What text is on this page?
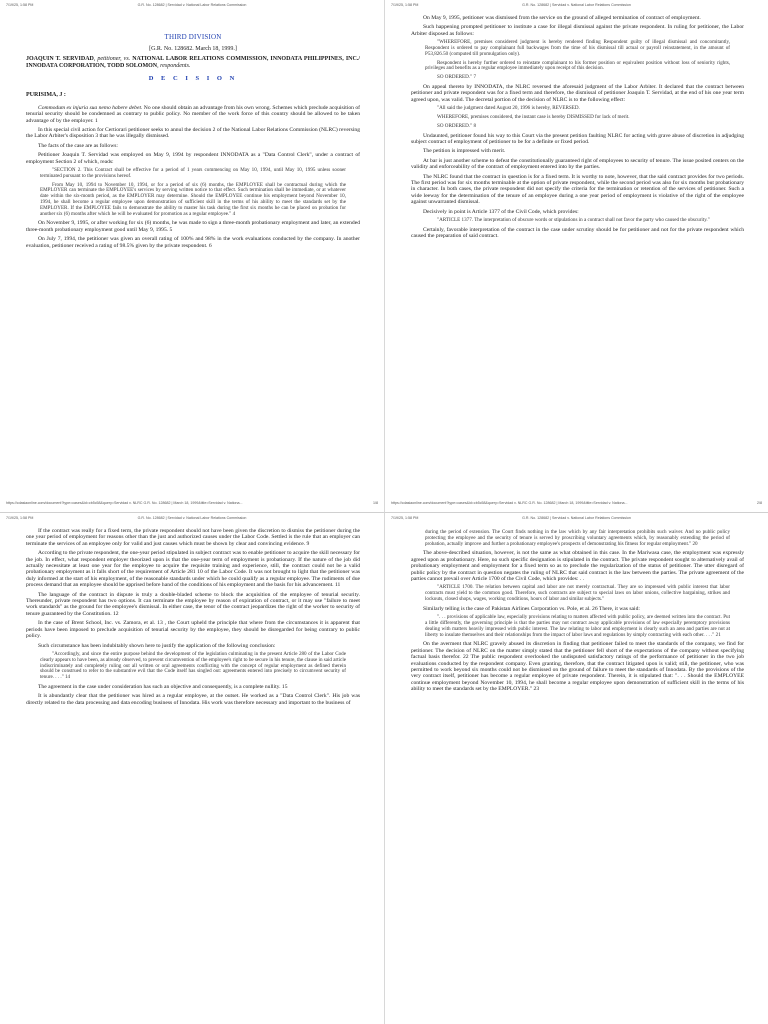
7/19/25, 1:58 PM	G.R. No. 128682 | Servidad v. National Labor Relations Commission
THIRD DIVISION
[G.R. No. 128682. March 18, 1999.]
JOAQUIN T. SERVIDAD, petitioner, vs. NATIONAL LABOR RELATIONS COMMISSION, INNODATA PHILIPPINES, INC./ INNODATA CORPORATION, TODD SOLOMON, respondents.
D E C I S I O N
PURISIMA, J :

Commodum ex injuria sua nemo habere debet. No one should obtain an advantage from his own wrong. Schemes which preclude acquisition of tenurial security should be condemned as contrary to public policy. No member of the work force of this country should be allowed to be taken advantage of by the employer. 1

In this special civil action for Certiorari petitioner seeks to annul the decision 2 of the National Labor Relations Commission (NLRC) reversing the Labor Arbiter's disposition 3 that he was illegally dismissed.

The facts of the case are as follows:

Petitioner Joaquin T. Servidad was employed on May 9, 1994 by respondent INNODATA as a "Data Control Clerk", under a contract of employment Section 2 of which, reads:

"SECTION 2. This Contract shall be effective for a period of 1 years commencing on May 10, 1994, until May 10, 1995 unless sooner terminated pursuant to the provisions hereof.

From May 10, 1994 to November 10, 1994, or for a period of six (6) months, the EMPLOYEE shall be contractual during which the EMPLOYER can terminate the EMPLOYEE's services by serving written notice to that effect. Such termination shall be immediate, or at whatever date within the six-month period, as the EMPLOYER may determine. Should the EMPLOYEE continue his employment beyond November 10, 1994, he shall become a regular employee upon demonstration of sufficient skill in the terms of his ability to meet the standards set by the EMPLOYER. If the EMPLOYEE fails to demonstrate the ability to master his task during the first six months he can be placed on probation for another six (6) months after which he will be evaluated for promotion as a regular employee." 4

On November 9, 1995, or after working for six (6) months, he was made to sign a three-month probationary employment and later, an extended three-month probationary employment good until May 9, 1995. 5

On July 7, 1994, the petitioner was given an overall rating of 100% and 98% in the work evaluations conducted by the company. In another evaluation, petitioner received a rating of 98.5% given by the private respondent. 6

https://cdasiaonline.com/document?type=cases&id=cb5c58&query=Servidad v. NLRC G.R. No. 128682 | March 18, 1999&title=Servidad v. Nationa...	1/8
7/19/25, 1:58 PM	G.R. No. 128682 | Servidad v. National Labor Relations Commission

On May 9, 1995, petitioner was dismissed from the service on the ground of alleged termination of contract of employment.

Such happening prompted petitioner to institute a case for illegal dismissal against the private respondent. In ruling for petitioner, the Labor Arbiter disposed as follows:

"WHEREFORE, premises considered judgment is hereby rendered finding Respondent guilty of illegal dismissal and concomitantly, Respondent is ordered to pay complainant full backwages from the time of his dismissal till actual or payroll reinstatement, in the amount of P53,826.50 (computed till promulgation only).

Respondent is hereby further ordered to reinstate complainant to his former position or equivalent position without loss of seniority rights, privileges and benefits as a regular employee immediately upon receipt of this decision.

SO ORDERED." 7

On appeal thereto by INNODATA, the NLRC reversed the aforesaid judgment of the Labor Arbiter. It declared that the contract between petitioner and private respondent was for a fixed term and therefore, the dismissal of petitioner Joaquin T. Servidad, at the end of his one year term agreed upon, was valid. The decretal portion of the decision of NLRC is to the following effect:

"All said the judgment dated August 20, 1996 is hereby, REVERSED.

WHEREFORE, premises considered, the instant case is hereby DISMISSED for lack of merit.

SO ORDERED." 8

Undaunted, petitioner found his way to this Court via the present petition faulting NLRC for acting with grave abuse of discretion in adjudging subject contract of employment of petitioner to be for a definite or fixed period.

The petition is impressed with merit.

At bar is just another scheme to defeat the constitutionally guaranteed right of employees to security of tenure. The issue posited centers on the validity and enforceability of the contract of employment entered into by the parties.

The NLRC found that the contract in question is for a fixed term. It is worthy to note, however, that the said contract provides for two periods. The first period was for six months terminable at the option of private respondent, while the second period was also for six months but probationary in character. In both cases, the private respondent did not specify the criteria for the termination or retention of the services of petitioner. Such a wide leeway for the determination of the tenure of an employee during a one year period of employment is violative of the right of the employee against unwarranted dismissal.

Decisively in point is Article 1377 of the Civil Code, which provides:

"ARTICLE 1377. The interpretation of obscure words or stipulations in a contract shall not favor the party who caused the obscurity."

Certainly, favorable interpretation of the contract in the case under scrutiny should be for petitioner and not for the private respondent which caused the preparation of said contract.

https://cdasiaonline.com/document?type=cases&id=cb5c58&query=Servidad v. NLRC G.R. No. 128682 | March 18, 1999&title=Servidad v. Nationa...	2/8
7/19/25, 1:58 PM	G.R. No. 128682 | Servidad v. National Labor Relations Commission

If the contract was really for a fixed term, the private respondent should not have been given the discretion to dismiss the petitioner during the one year period of employment for reasons other than the just and authorized causes under the Labor Code. Settled is the rule that an employer can terminate the services of an employee only for valid and just causes which must be shown by clear and convincing evidence. 9

According to the private respondent, the one-year period stipulated in subject contract was to enable petitioner to acquire the skill necessary for the job. In effect, what respondent employer theorized upon is that the one-year term of employment is probationary. If the nature of the job did actually necessitate at least one year for the employee to acquire the requisite training and experience, still, the contract could not be a valid probationary employment as it falls short of the requirement of Article 281 10 of the Labor Code. It was not brought to light that the petitioner was duly informed at the start of his employment, of the reasonable standards under which he could qualify as a regular employee. The rudiments of due process demand that an employee should be apprised before hand of the conditions of his employment and the basis for his advancement. 11

The language of the contract in dispute is truly a double-bladed scheme to block the acquisition of the employee of tenurial security. Thereunder, private respondent has two options. It can terminate the employee by reason of expiration of contract, or it may use "failure to meet work standards" as the ground for the employee's dismissal. In either case, the tenor of the contract jeopardizes the right of the worker to security of tenure guaranteed by the Constitution. 12

In the case of Brent School, Inc. vs. Zamora, et al. 13 , the Court upheld the principle that where from the circumstances it is apparent that periods have been imposed to preclude acquisition of tenurial security by the employee, they should be disregarded for being contrary to public policy.

Such circumstance has been indubitably shown here to justify the application of the following conclusion:

"Accordingly, and since the entire purpose behind the development of the legislation culminating in the present Article 280 of the Labor Code clearly appears to have been, as already observed, to prevent circumvention of the employee's right to be secure in his tenure, the clause in said article indiscriminately and completely ruling out all written or oral agreements conflicting with the concept of regular employment as defined therein should be construed to refer to the substantive evil that the Code itself has singled out: agreements entered into precisely to circumvent security of tenure. . . ." 14

The agreement in the case under consideration has such an objective and consequently, is a complete nullity. 15

It is abundantly clear that the petitioner was hired as a regular employee, at the outset. He worked as a "Data Control Clerk". His job was directly related to the data processing and data encoding business of Innodata. His work was therefore necessary and important to the business of

7/19/25, 1:58 PM	G.R. No. 128682 | Servidad v. National Labor Relations Commission

during the period of extension. The Court finds nothing in the law which by any fair interpretation prohibits such waiver. And no public policy protecting the employee and the security of tenure is served by proscribing voluntary agreements which, by reasonably extending the period of probation, actually improve and further a probationary employee's prospects of demonstrating his fitness for regular employment." 20

The above-described situation, however, is not the same as what obtained in this case. In the Mariwasa case, the employment was expressly agreed upon as probationary. Here, no such specific designation is stipulated in the contract. The private respondent sought to alternatively avail of probationary employment and employment for a fixed term so as to preclude the regularization of the status of petitioner. The utter disregard of public policy by the contract in question negates the ruling of NLRC that said contract is the law between the parties. The private agreement of the parties cannot prevail over Article 1700 of the Civil Code, which provides: . .

"ARTICLE 1700. The relation between capital and labor are not merely contractual. They are so impressed with public interest that labor contracts must yield to the common good. Therefore, such contracts are subject to special laws on labor unions, collective bargaining, strikes and lockouts, closed shops, wages, working conditions, hours of labor and similar subjects."

Similarly telling is the case of Pakistan Airlines Corporation vs. Pole, et al. 26 There, it was said:

". . . provisions of applicable law, especially provisions relating to matters affected with public policy, are deemed written into the contract. Put a little differently, the governing principle is that the parties may not contract away applicable provisions of law especially peremptory provisions dealing with matters heavily impressed with public interest. The law relating to labor and employment is clearly such an area and parties are not at liberty to insulate themselves and their relationships from the impact of labor laws and regulations by simply contracting with each other. . . ." 21

On the averment that NLRC gravely abused its discretion in finding that petitioner failed to meet the standards of the company, we find for petitioner. The decision of NLRC on the matter simply stated that the petitioner fell short of the expectations of the company without specifying factual basis therefor. 22 The public respondent overlooked the undisputed satisfactory ratings of the performance of petitioner in the two job evaluations conducted by the respondent company. Even granting, therefore, that the contract litigated upon is valid; still, the petitioner, who was permitted to work beyond six months could not be dismissed on the ground of failure to meet the standards of Innodata. By the provisions of the very contract itself, petitioner has become a regular employee of private respondent. Therein, it is stipulated that: ". . . Should the EMPLOYEE continue employment beyond November 10, 1994, he shall become a regular employee upon demonstration of sufficient skill in the terms of his ability to meet the standards set by the EMPLOYER." 23
